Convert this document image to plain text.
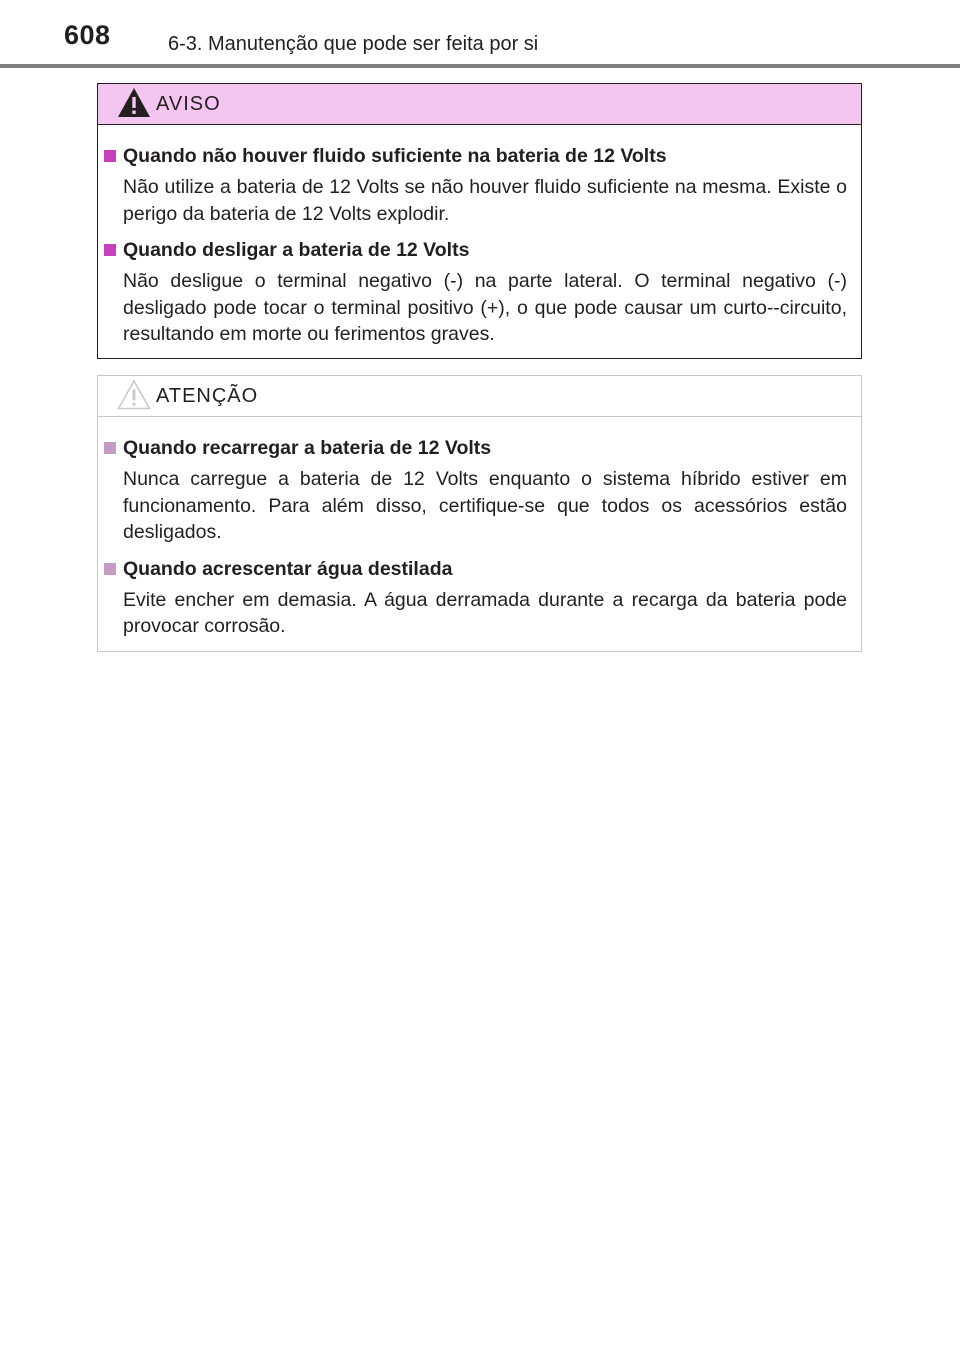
608	6-3. Manutenção que pode ser feita por si
AVISO
Quando não houver fluido suficiente na bateria de 12 Volts
Não utilize a bateria de 12 Volts se não houver fluido suficiente na mesma. Existe o perigo da bateria de 12 Volts explodir.
Quando desligar a bateria de 12 Volts
Não desligue o terminal negativo (-) na parte lateral. O terminal negativo (-) desligado pode tocar o terminal positivo (+), o que pode causar um curto--circuito, resultando em morte ou ferimentos graves.
ATENÇÃO
Quando recarregar a bateria de 12 Volts
Nunca carregue a bateria de 12 Volts enquanto o sistema híbrido estiver em funcionamento. Para além disso, certifique-se que todos os acessórios estão desligados.
Quando acrescentar água destilada
Evite encher em demasia. A água derramada durante a recarga da bateria pode provocar corrosão.
